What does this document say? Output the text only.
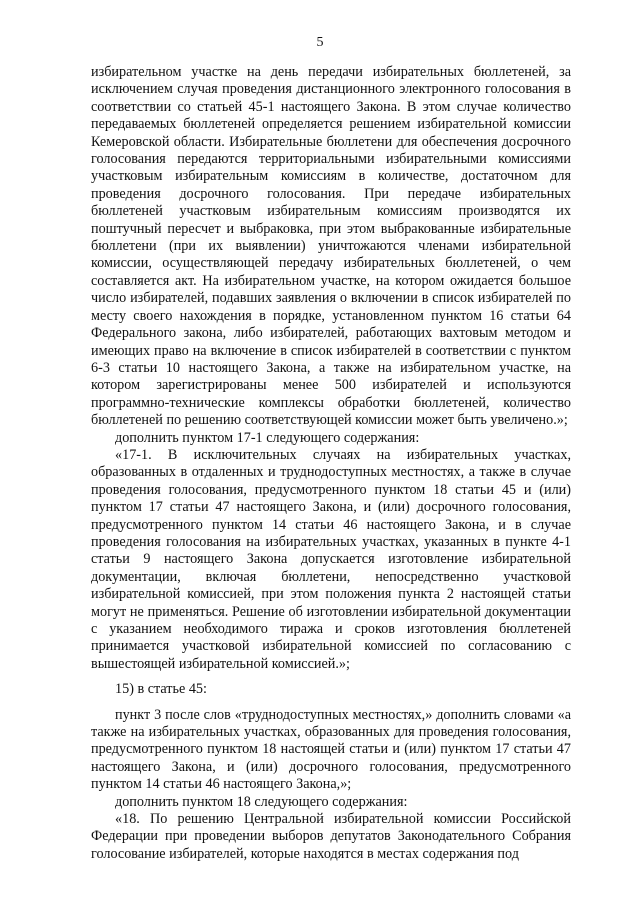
5

избирательном участке на день передачи избирательных бюллетеней, за исключением случая проведения дистанционного электронного голосования в соответствии со статьей 45-1 настоящего Закона. В этом случае количество передаваемых бюллетеней определяется решением избирательной комиссии Кемеровской области. Избирательные бюллетени для обеспечения досрочного голосования передаются территориальными избирательными комиссиями участковым избирательным комиссиям в количестве, достаточном для проведения досрочного голосования. При передаче избирательных бюллетеней участковым избирательным комиссиям производятся их поштучный пересчет и выбраковка, при этом выбракованные избирательные бюллетени (при их выявлении) уничтожаются членами избирательной комиссии, осуществляющей передачу избирательных бюллетеней, о чем составляется акт. На избирательном участке, на котором ожидается большое число избирателей, подавших заявления о включении в список избирателей по месту своего нахождения в порядке, установленном пунктом 16 статьи 64 Федерального закона, либо избирателей, работающих вахтовым методом и имеющих право на включение в список избирателей в соответствии с пунктом 6-3 статьи 10 настоящего Закона, а также на избирательном участке, на котором зарегистрированы менее 500 избирателей и используются программно-технические комплексы обработки бюллетеней, количество бюллетеней по решению соответствующей комиссии может быть увеличено.»;

дополнить пунктом 17-1 следующего содержания:

«17-1. В исключительных случаях на избирательных участках, образованных в отдаленных и труднодоступных местностях, а также в случае проведения голосования, предусмотренного пунктом 18 статьи 45 и (или) пунктом 17 статьи 47 настоящего Закона, и (или) досрочного голосования, предусмотренного пунктом 14 статьи 46 настоящего Закона, и в случае проведения голосования на избирательных участках, указанных в пункте 4-1 статьи 9 настоящего Закона допускается изготовление избирательной документации, включая бюллетени, непосредственно участковой избирательной комиссией, при этом положения пункта 2 настоящей статьи могут не применяться. Решение об изготовлении избирательной документации с указанием необходимого тиража и сроков изготовления бюллетеней принимается участковой избирательной комиссией по согласованию с вышестоящей избирательной комиссией.»;

15) в статье 45:

пункт 3 после слов «труднодоступных местностях,» дополнить словами «а также на избирательных участках, образованных для проведения голосования, предусмотренного пунктом 18 настоящей статьи и (или) пунктом 17 статьи 47 настоящего Закона, и (или) досрочного голосования, предусмотренного пунктом 14 статьи 46 настоящего Закона,»;

дополнить пунктом 18 следующего содержания:

«18. По решению Центральной избирательной комиссии Российской Федерации при проведении выборов депутатов Законодательного Собрания голосование избирателей, которые находятся в местах содержания под
